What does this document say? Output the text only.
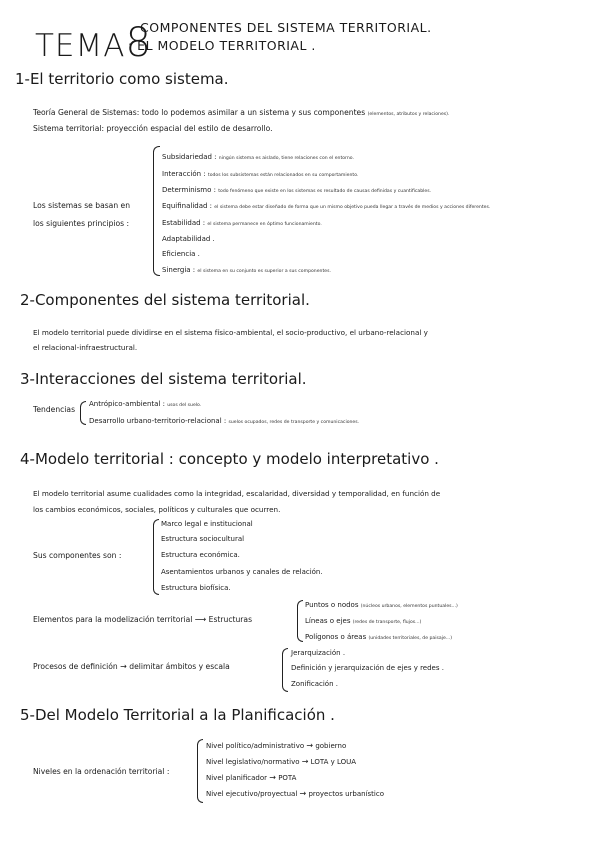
TEMA8
COMPONENTES DEL SISTEMA TERRITORIAL.
: EL MODELO TERRITORIAL .
1-El territorio como sistema.
Teoría General de Sistemas: todo lo podemos asimilar a un sistema y sus componentes (elementos, atributos y relaciones).
Sistema territorial: proyección espacial del estilo de desarrollo.
Los sistemas se basan en
los siguientes principios :
Subsidariedad : ningún sistema es aislado, tiene relaciones con el entorno.
Interacción : todos los subsistemas están relacionados en su comportamiento.
Determinismo : todo fenómeno que existe en los sistemas es resultado de causas definidas y cuantificables.
Equifinalidad : el sistema debe estar diseñado de forma que un mismo objetivo pueda llegar a través de medios y acciones diferentes.
Estabilidad : el sistema permanece en óptimo funcionamiento.
Adaptabilidad .
Eficiencia .
Sinergia : el sistema en su conjunto es superior a sus componentes.
2-Componentes del sistema territorial.
El modelo territorial puede dividirse en el sistema físico-ambiental, el socio-productivo, el urbano-relacional y
el relacional-infraestructural.
3-Interacciones del sistema territorial.
Tendencias
Antrópico-ambiental : usos del suelo.
Desarrollo urbano-territorio-relacional : suelos ocupados, redes de transporte y comunicaciones.
4-Modelo territorial : concepto y modelo interpretativo .
El modelo territorial asume cualidades como la integridad, escalaridad, diversidad y temporalidad, en función de
los cambios económicos, sociales, políticos y culturales que ocurren.
Sus componentes son :
Marco legal e institucional
Estructura sociocultural
Estructura económica.
Asentamientos urbanos y canales de relación.
Estructura biofísica.
Elementos para la modelización territorial ⟶ Estructuras
Puntos o nodos (núcleos urbanos, elementos puntuales...)
Líneas o ejes (redes de transporte, flujos...)
Polígonos o áreas (unidades territoriales, de paisaje...)
Procesos de definición → delimitar ámbitos y escala
Jerarquización .
Definición y jerarquización de ejes y redes .
Zonificación .
5-Del Modelo Territorial a la Planificación .
Niveles en la ordenación territorial :
Nivel político/administrativo → gobierno
Nivel legislativo/normativo → LOTA y LOUA
Nivel planificador → POTA
Nivel ejecutivo/proyectual → proyectos urbanístico
